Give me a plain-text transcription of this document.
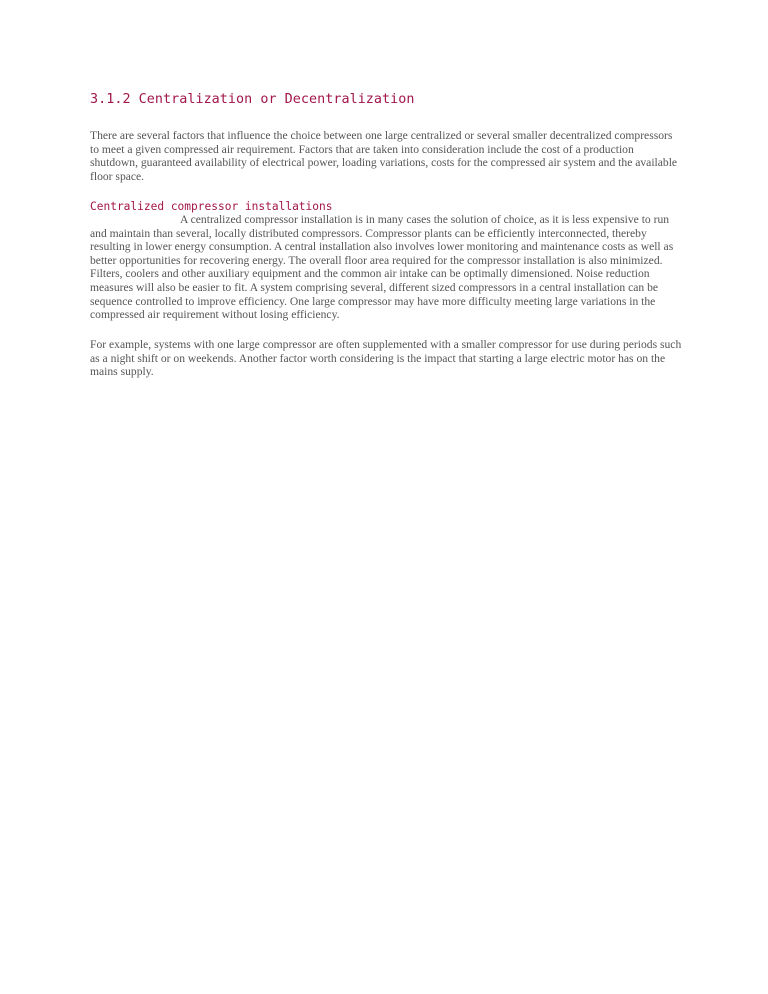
3.1.2 Centralization or Decentralization

There are several factors that influence the choice between one large centralized or several smaller decentralized compressors to meet a given compressed air requirement. Factors that are taken into consideration include the cost of a production shutdown, guaranteed availability of electrical power, loading variations, costs for the compressed air system and the available floor space.

Centralized compressor installations

A centralized compressor installation is in many cases the solution of choice, as it is less expensive to run and maintain than several, locally distributed compressors. Compressor plants can be efficiently interconnected, thereby resulting in lower energy consumption. A central installation also involves lower monitoring and maintenance costs as well as better opportunities for recovering energy. The overall floor area required for the compressor installation is also minimized. Filters, coolers and other auxiliary equipment and the common air intake can be optimally dimensioned. Noise reduction measures will also be easier to fit. A system comprising several, different sized compressors in a central installation can be sequence controlled to improve efficiency. One large compressor may have more difficulty meeting large variations in the compressed air requirement without losing efficiency.

For example, systems with one large compressor are often supplemented with a smaller compressor for use during periods such as a night shift or on weekends. Another factor worth considering is the impact that starting a large electric motor has on the mains supply.
